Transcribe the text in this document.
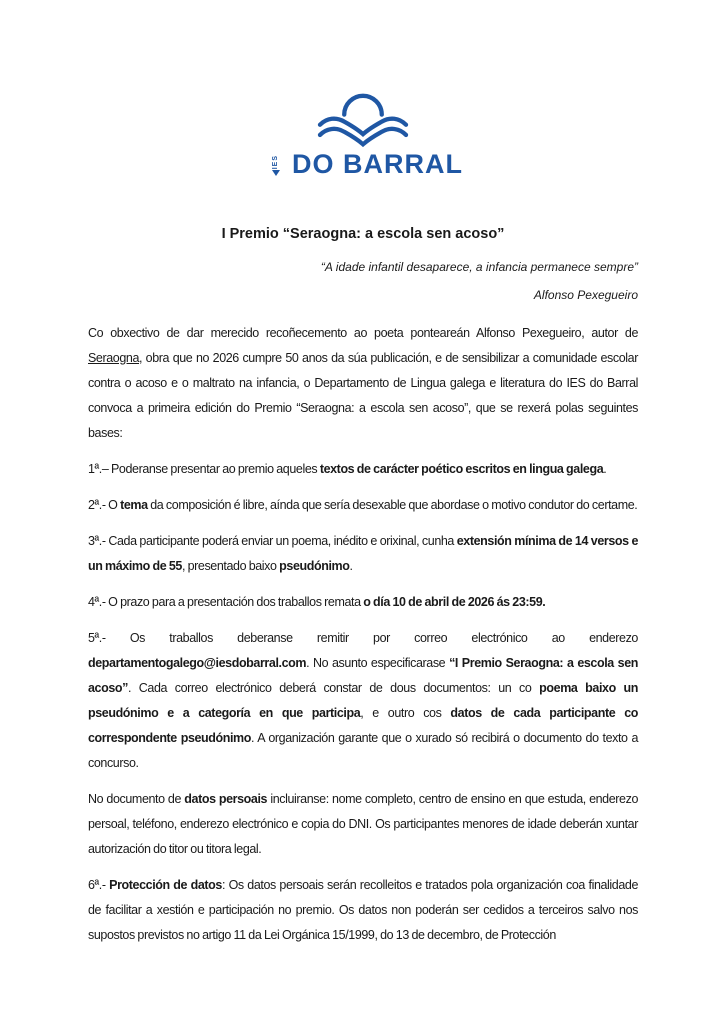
IES DO BARRAL
I Premio “Seraogna: a escola sen acoso”

“A idade infantil desaparece, a infancia permanece sempre”

Alfonso Pexegueiro

Co obxectivo de dar merecido recoñecemento ao poeta ponteareán Alfonso Pexegueiro, autor de Seraogna, obra que no 2026 cumpre 50 anos da súa publicación, e de sensibilizar a comunidade escolar contra o acoso e o maltrato na infancia, o Departamento de Lingua galega e literatura do IES do Barral convoca a primeira edición do Premio “Seraogna: a escola sen acoso”, que se rexerá polas seguintes bases:

1ª.– Poderanse presentar ao premio aqueles textos de carácter poético escritos en lingua galega.

2ª.- O tema da composición é libre, aínda que sería desexable que abordase o motivo condutor do certame.

3ª.- Cada participante poderá enviar un poema, inédito e orixinal, cunha extensión mínima de 14 versos e un máximo de 55, presentado baixo pseudónimo.

4ª.- O prazo para a presentación dos traballos remata o día 10 de abril de 2026 ás 23:59.

5ª.- Os traballos deberanse remitir por correo electrónico ao enderezo departamentogalego@iesdobarral.com. No asunto especificarase “I Premio Seraogna: a escola sen acoso”. Cada correo electrónico deberá constar de dous documentos: un co poema baixo un pseudónimo e a categoría en que participa, e outro cos datos de cada participante co correspondente pseudónimo. A organización garante que o xurado só recibirá o documento do texto a concurso.

No documento de datos persoais incluiranse: nome completo, centro de ensino en que estuda, enderezo persoal, teléfono, enderezo electrónico e copia do DNI. Os participantes menores de idade deberán xuntar autorización do titor ou titora legal.

6ª.- Protección de datos: Os datos persoais serán recolleitos e tratados pola organización coa finalidade de facilitar a xestión e participación no premio. Os datos non poderán ser cedidos a terceiros salvo nos supostos previstos no artigo 11 da Lei Orgánica 15/1999, do 13 de decembro, de Protección
